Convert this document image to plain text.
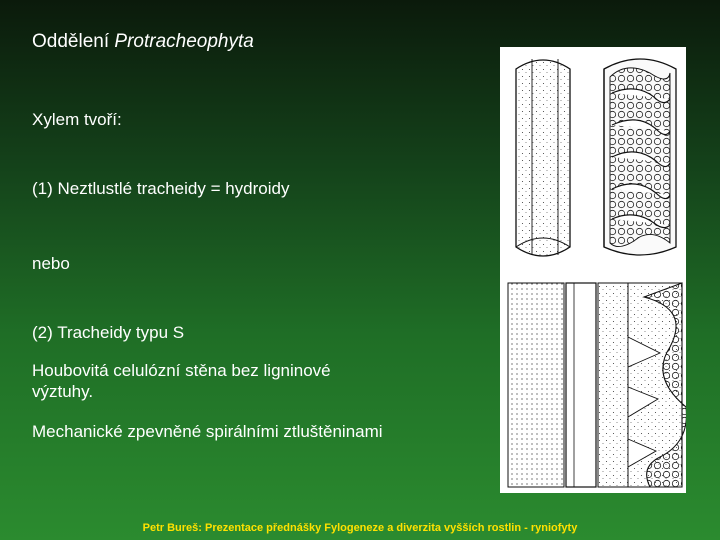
Oddělení Protracheophyta
Xylem tvoří:
(1) Neztlustlé tracheidy = hydroidy
nebo
(2) Tracheidy typu S
Houbovitá celulózní stěna bez ligninové výztuhy.
Mechanické zpevněné spirálními ztluštěninami
Petr Bureš: Prezentace přednášky Fylogeneze a diverzita vyšších rostlin - ryniofyty
